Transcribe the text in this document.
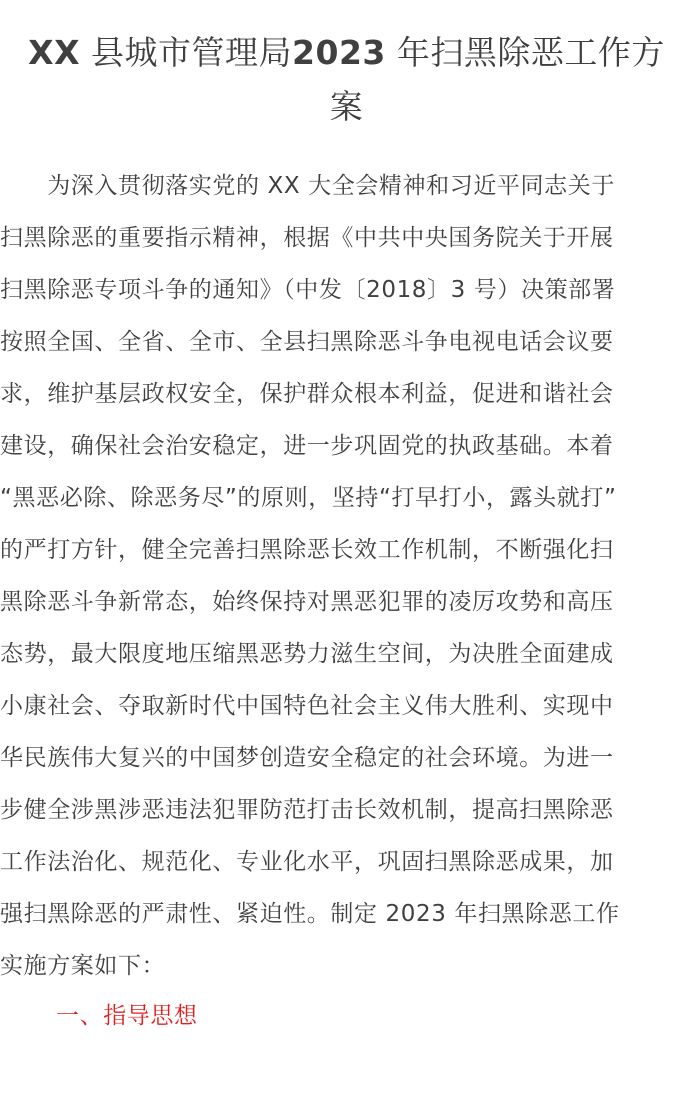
XX 县城市管理局2023 年扫黑除恶工作方
案
　　为深入贯彻落实党的 XX 大全会精神和习近平同志关于
扫黑除恶的重要指示精神，根据《中共中央国务院关于开展
扫黑除恶专项斗争的通知》（中发〔2018〕3 号）决策部署
按照全国、全省、全市、全县扫黑除恶斗争电视电话会议要
求，维护基层政权安全，保护群众根本利益，促进和谐社会
建设，确保社会治安稳定，进一步巩固党的执政基础。本着
“黑恶必除、除恶务尽”的原则，坚持“打早打小，露头就打”
的严打方针，健全完善扫黑除恶长效工作机制，不断强化扫
黑除恶斗争新常态，始终保持对黑恶犯罪的凌厉攻势和高压
态势，最大限度地压缩黑恶势力滋生空间，为决胜全面建成
小康社会、夺取新时代中国特色社会主义伟大胜利、实现中
华民族伟大复兴的中国梦创造安全稳定的社会环境。为进一
步健全涉黑涉恶违法犯罪防范打击长效机制，提高扫黑除恶
工作法治化、规范化、专业化水平，巩固扫黑除恶成果，加
强扫黑除恶的严肃性、紧迫性。制定 2023 年扫黑除恶工作
实施方案如下：
一、指导思想
